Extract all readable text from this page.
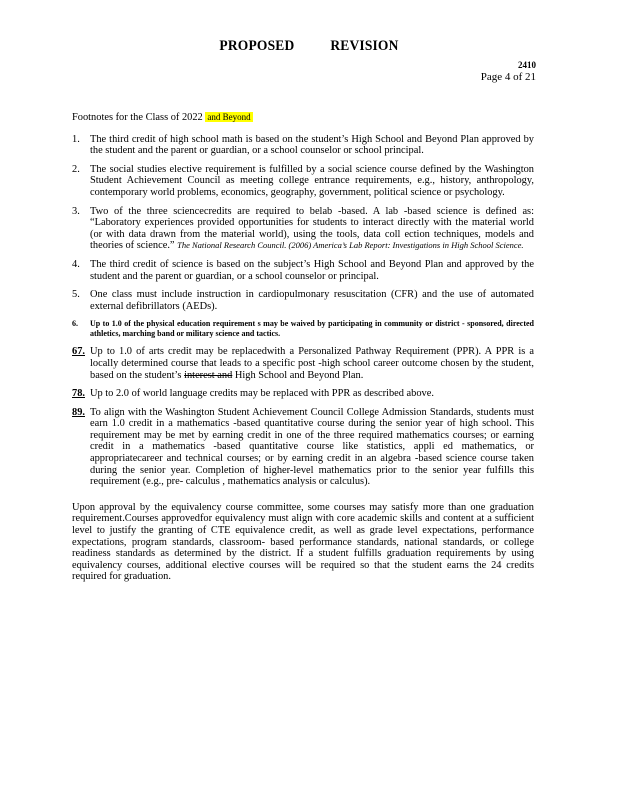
PROPOSED REVISION
2410
Page 4 of 21
Footnotes for the Class of 2022 and Beyond
1. The third credit of high school math is based on the student’s High School and Beyond Plan approved by the student and the parent or guardian, or a school counselor or school principal.
2. The social studies elective requirement is fulfilled by a social science course defined by the Washington Student Achievement Council as meeting college entrance requirements, e.g., history, anthropology, contemporary world problems, economics, geography, government, political science or psychology.
3. Two of the three sciencecredits are required to belab -based. A lab -based science is defined as: “Laboratory experiences provided opportunities for students to interact directly with the material world (or with data drawn from the material world), using the tools, data coll ection techniques, models and theories of science.” The National Research Council. (2006) America’s Lab Report: Investigations in High School Science.
4. The third credit of science is based on the subject’s High School and Beyond Plan and approved by the student and the parent or guardian, or a school counselor or principal.
5. One class must include instruction in cardiopulmonary resuscitation (CFR) and the use of automated external defibrillators (AEDs).
6. Up to 1.0 of the physical education requirement s may be waived by participating in community or district - sponsored, directed athletics, marching band or military science and tactics.
67. Up to 1.0 of arts credit may be replacedwith a Personalized Pathway Requirement (PPR). A PPR is a locally determined course that leads to a specific post -high school career outcome chosen by the student, based on the student’s interest and High School and Beyond Plan.
78. Up to 2.0 of world language credits may be replaced with PPR as described above.
89. To align with the Washington Student Achievement Council College Admission Standards, students must earn 1.0 credit in a mathematics -based quantitative course during the senior year of high school. This requirement may be met by earning credit in one of the three required mathematics courses; or earning credit in a mathematics -based quantitative course like statistics, appli ed mathematics, or appropriatecareer and technical courses; or by earning credit in an algebra -based science course taken during the senior year. Completion of higher-level mathematics prior to the senior year fulfills this requirement (e.g., pre- calculus , mathematics analysis or calculus).

Upon approval by the equivalency course committee, some courses may satisfy more than one graduation requirement.Courses approvedfor equivalency must align with core academic skills and content at a sufficient level to justify the granting of CTE equivalence credit, as well as grade level expectations, performance expectations, program standards, classroom- based performance standards, national standards, or college readiness standards as determined by the district. If a student fulfills graduation requirements by using equivalency courses, additional elective courses will be required so that the student earns the 24 credits required for graduation.
